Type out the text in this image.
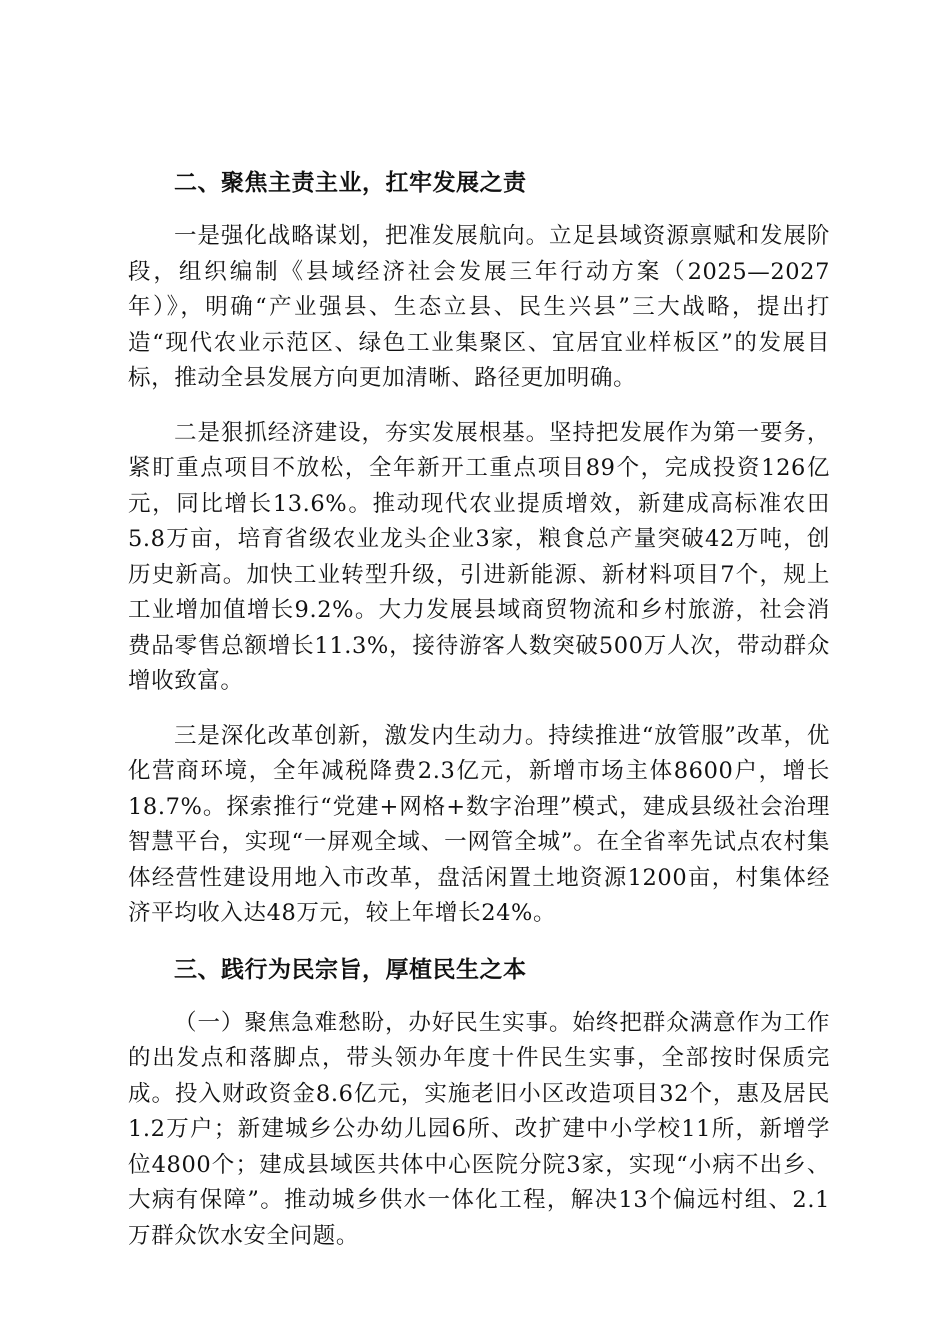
二、聚焦主责主业，扛牢发展之责

一是强化战略谋划，把准发展航向。立足县域资源禀赋和发展阶段，组织编制《县域经济社会发展三年行动方案（2025—2027年）》，明确“产业强县、生态立县、民生兴县”三大战略，提出打造“现代农业示范区、绿色工业集聚区、宜居宜业样板区”的发展目标，推动全县发展方向更加清晰、路径更加明确。

二是狠抓经济建设，夯实发展根基。坚持把发展作为第一要务，紧盯重点项目不放松，全年新开工重点项目89个，完成投资126亿元，同比增长13.6%。推动现代农业提质增效，新建成高标准农田5.8万亩，培育省级农业龙头企业3家，粮食总产量突破42万吨，创历史新高。加快工业转型升级，引进新能源、新材料项目7个，规上工业增加值增长9.2%。大力发展县域商贸物流和乡村旅游，社会消费品零售总额增长11.3%，接待游客人数突破500万人次，带动群众增收致富。

三是深化改革创新，激发内生动力。持续推进“放管服”改革，优化营商环境，全年减税降费2.3亿元，新增市场主体8600户，增长18.7%。探索推行“党建+网格+数字治理”模式，建成县级社会治理智慧平台，实现“一屏观全域、一网管全城”。在全省率先试点农村集体经营性建设用地入市改革，盘活闲置土地资源1200亩，村集体经济平均收入达48万元，较上年增长24%。

三、践行为民宗旨，厚植民生之本

（一）聚焦急难愁盼，办好民生实事。始终把群众满意作为工作的出发点和落脚点，带头领办年度十件民生实事，全部按时保质完成。投入财政资金8.6亿元，实施老旧小区改造项目32个，惠及居民1.2万户；新建城乡公办幼儿园6所、改扩建中小学校11所，新增学位4800个；建成县域医共体中心医院分院3家，实现“小病不出乡、大病有保障”。推动城乡供水一体化工程，解决13个偏远村组、2.1万群众饮水安全问题。
